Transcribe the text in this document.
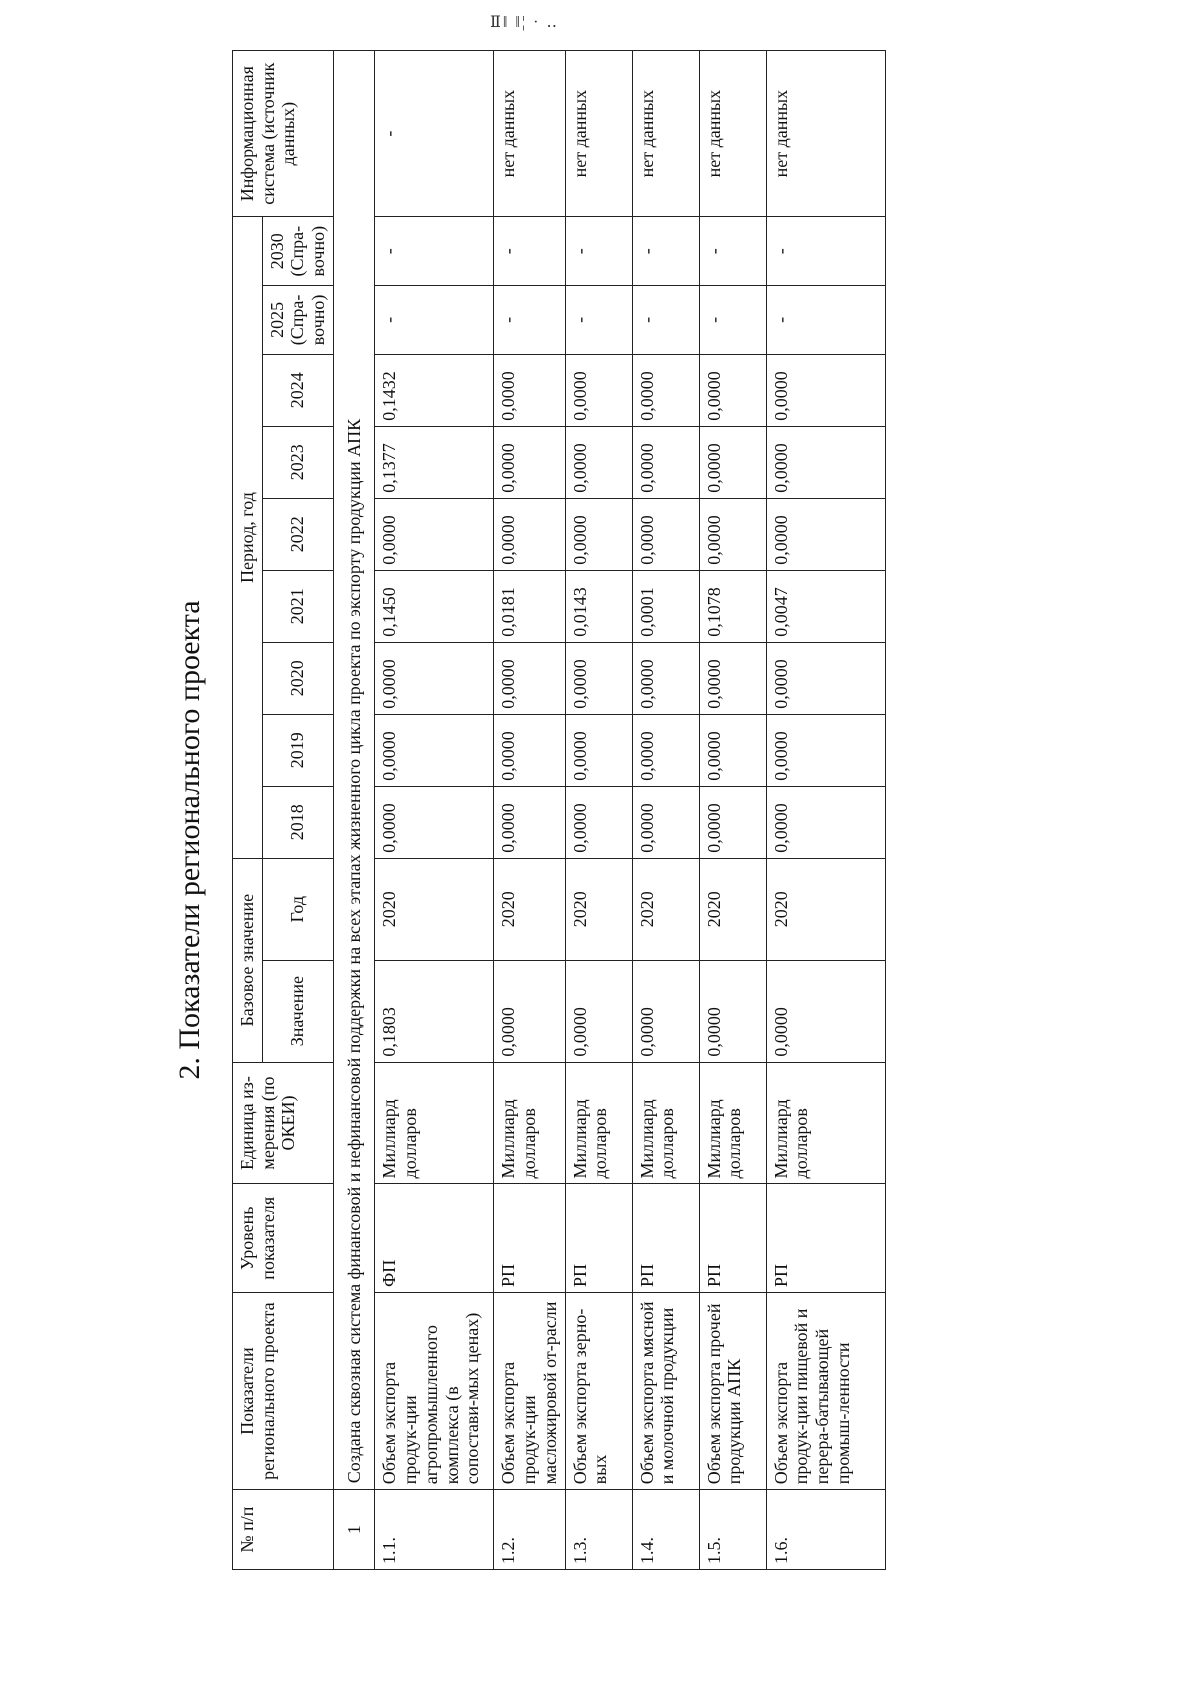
Ⅱ‖ ‖¦ · ‥
2. Показатели регионального проекта
№ п/п	Показатели регионального проекта	Уровень показателя	Единица из-мерения (по ОКЕИ)	Базовое значение		Период, год									Информационная система (источник данных)
				Значение	Год	2018	2019	2020	2021	2022	2023	2024	2025 (Спра-вочно)	2030 (Спра-вочно)	
1	Создана сквозная система финансовой и нефинансовой поддержки на всех этапах жизненного цикла проекта по экспорту продукции АПК														
1.1.	Объем экспорта продук-ции агропромышленного комплекса (в сопостави-мых ценах)	ФП	Миллиард долларов	0,1803	2020	0,0000	0,0000	0,0000	0,1450	0,0000	0,1377	0,1432	-	-	-
1.2.	Объем экспорта продук-ции масложировой от-расли	РП	Миллиард долларов	0,0000	2020	0,0000	0,0000	0,0000	0,0181	0,0000	0,0000	0,0000	-	-	нет данных
1.3.	Объем экспорта зерно-вых	РП	Миллиард долларов	0,0000	2020	0,0000	0,0000	0,0000	0,0143	0,0000	0,0000	0,0000	-	-	нет данных
1.4.	Объем экспорта мясной и молочной продукции	РП	Миллиард долларов	0,0000	2020	0,0000	0,0000	0,0000	0,0001	0,0000	0,0000	0,0000	-	-	нет данных
1.5.	Объем экспорта прочей продукции АПК	РП	Миллиард долларов	0,0000	2020	0,0000	0,0000	0,0000	0,1078	0,0000	0,0000	0,0000	-	-	нет данных
1.6.	Объем экспорта продук-ции пищевой и перера-батывающей промыш-ленности	РП	Миллиард долларов	0,0000	2020	0,0000	0,0000	0,0000	0,0047	0,0000	0,0000	0,0000	-	-	нет данных
